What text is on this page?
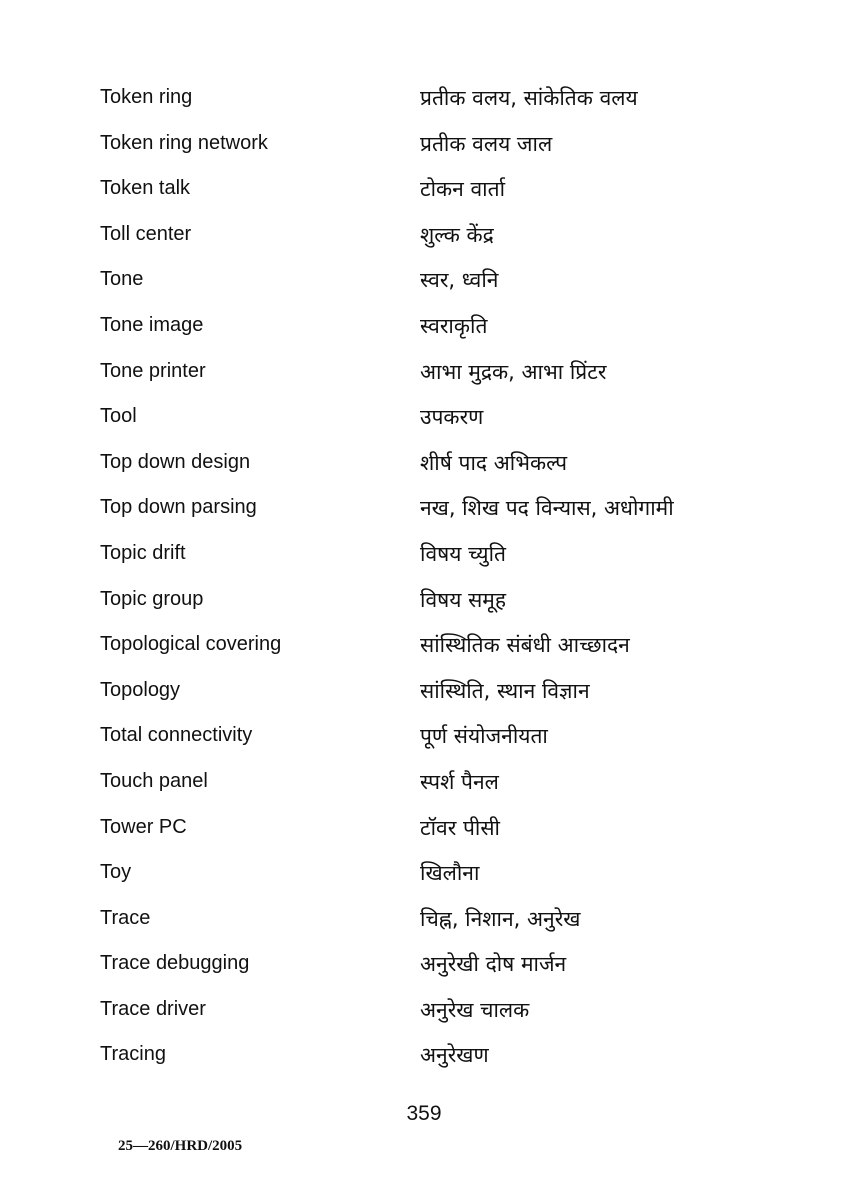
Token ring	प्रतीक वलय, सांकेतिक वलय
Token ring network	प्रतीक वलय जाल
Token talk	टोकन वार्ता
Toll center	शुल्क केंद्र
Tone	स्वर, ध्वनि
Tone image	स्वराकृति
Tone printer	आभा मुद्रक, आभा प्रिंटर
Tool	उपकरण
Top down design	शीर्ष पाद अभिकल्प
Top down parsing	नख, शिख पद विन्यास, अधोगामी
Topic drift	विषय च्युति
Topic group	विषय समूह
Topological covering	सांस्थितिक संबंधी आच्छादन
Topology	सांस्थिति, स्थान विज्ञान
Total connectivity	पूर्ण संयोजनीयता
Touch panel	स्पर्श पैनल
Tower PC	टॉवर पीसी
Toy	खिलौना
Trace	चिह्न, निशान, अनुरेख
Trace debugging	अनुरेखी दोष मार्जन
Trace driver	अनुरेख चालक
Tracing	अनुरेखण
359
25—260/HRD/2005
